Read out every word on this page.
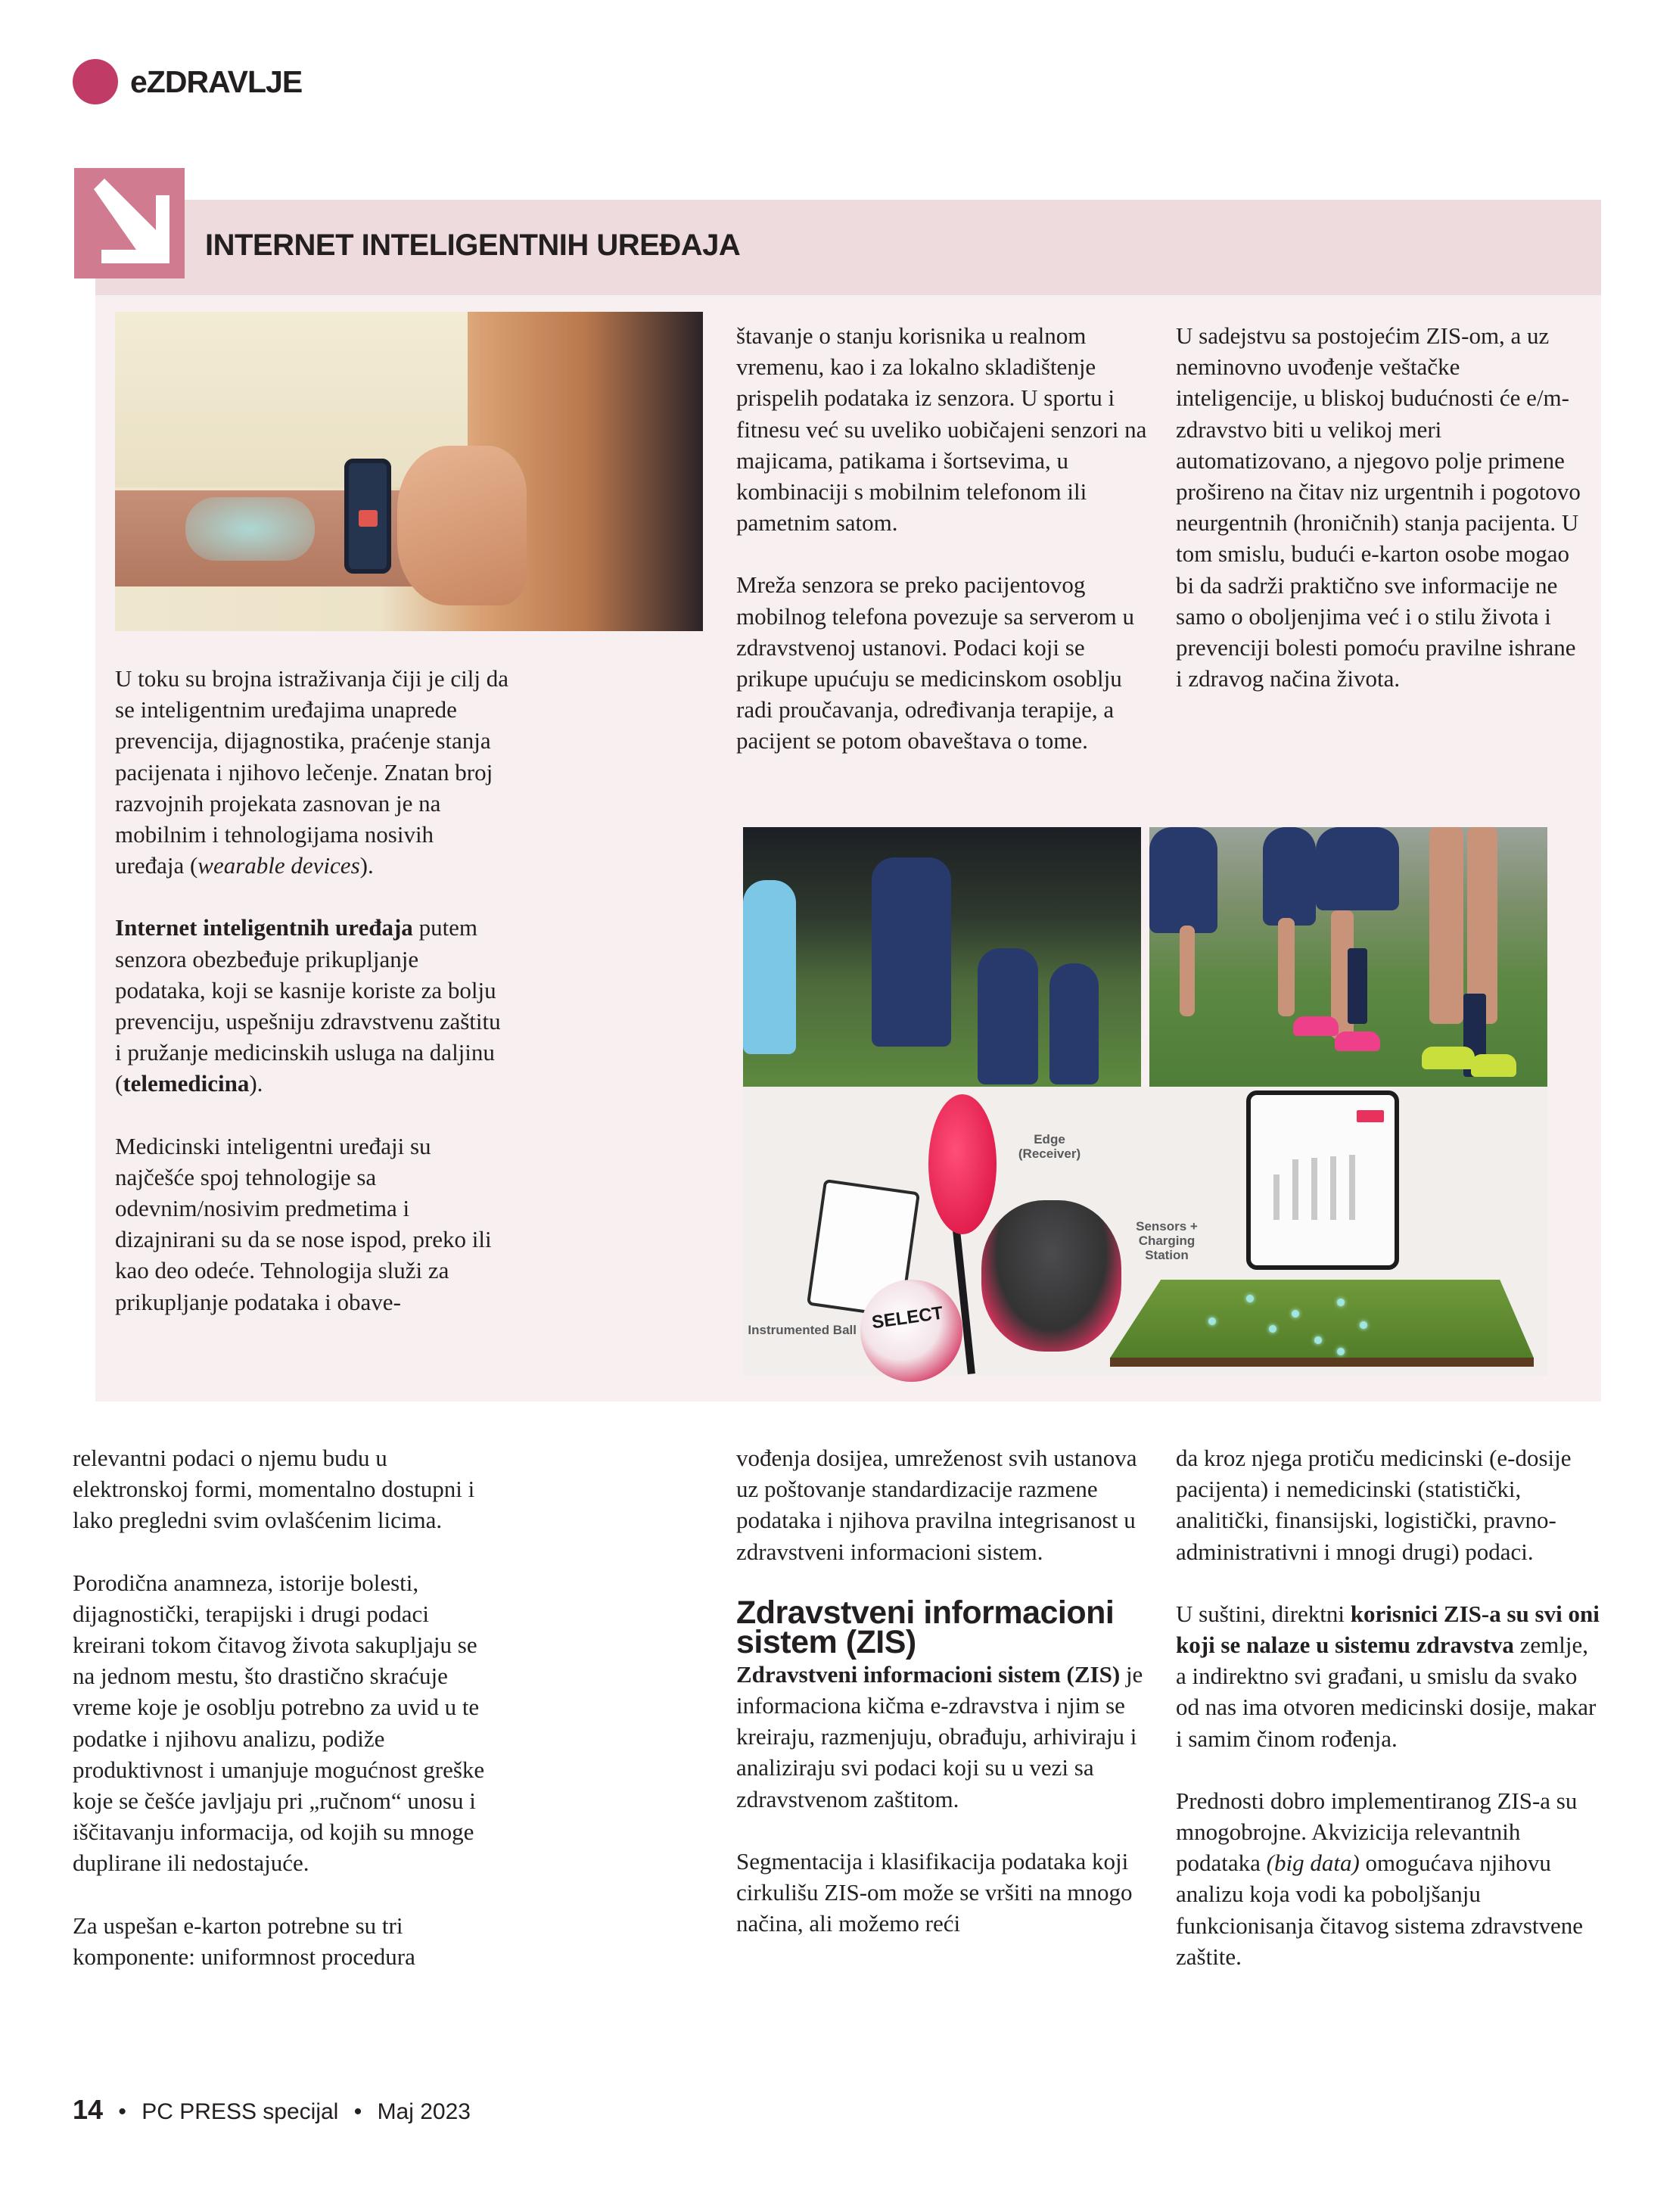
eZDRAVLJE
INTERNET INTELIGENTNIH UREĐAJA

U toku su brojna istraživanja čiji je cilj da se inteligentnim uređajima unaprede prevencija, dijagnostika, praćenje stanja pacijenata i njihovo lečenje. Znatan broj razvojnih projekata zasnovan je na mobilnim i tehnologijama nosivih uređaja (wearable devices).

Internet inteligentnih uređaja putem senzora obezbeđuje prikupljanje podataka, koji se kasnije koriste za bolju prevenciju, uspešniju zdravstvenu zaštitu i pružanje medicinskih usluga na daljinu (telemedicina).

Medicinski inteligentni uređaji su najčešće spoj tehnologije sa odevnim/nosivim predmetima i dizajnirani su da se nose ispod, preko ili kao deo odeće. Tehnologija služi za prikupljanje podataka i obave-

štavanje o stanju korisnika u realnom vremenu, kao i za lokalno skladištenje prispelih podataka iz senzora. U sportu i fitnesu već su uveliko uobičajeni senzori na majicama, patikama i šortsevima, u kombinaciji s mobilnim telefonom ili pametnim satom.

Mreža senzora se preko pacijentovog mobilnog telefona povezuje sa serverom u zdravstvenoj ustanovi. Podaci koji se prikupe upućuju se medicinskom osoblju radi proučavanja, određivanja terapije, a pacijent se potom obaveštava o tome.

U sadejstvu sa postojećim ZIS-om, a uz neminovno uvođenje veštačke inteligencije, u bliskoj budućnosti će e/m-zdravstvo biti u velikoj meri automatizovano, a njegovo polje primene prošireno na čitav niz urgentnih i pogotovo neurgentnih (hroničnih) stanja pacijenta. U tom smislu, budući e-karton osobe mogao bi da sadrži praktično sve informacije ne samo o oboljenjima već i o stilu života i prevenciji bolesti pomoću pravilne ishrane i zdravog načina života.

SELECT
Edge (Receiver)
Sensors + Charging Station
Instrumented Ball

relevantni podaci o njemu budu u elektronskoj formi, momentalno dostupni i lako pregledni svim ovlašćenim licima.

Porodična anamneza, istorije bolesti, dijagnostički, terapijski i drugi podaci kreirani tokom čitavog života sakupljaju se na jednom mestu, što drastično skraćuje vreme koje je osoblju potrebno za uvid u te podatke i njihovu analizu, podiže produktivnost i umanjuje mogućnost greške koje se češće javljaju pri „ručnom“ unosu i iščitavanju informacija, od kojih su mnoge duplirane ili nedostajuće.

Za uspešan e-karton potrebne su tri komponente: uniformnost procedura

vođenja dosijea, umreženost svih ustanova uz poštovanje standardizacije razmene podataka i njihova pravilna integrisanost u zdravstveni informacioni sistem.

Zdravstveni informacioni sistem (ZIS)

Zdravstveni informacioni sistem (ZIS) je informaciona kičma e-zdravstva i njim se kreiraju, razmenjuju, obrađuju, arhiviraju i analiziraju svi podaci koji su u vezi sa zdravstvenom zaštitom.

Segmentacija i klasifikacija podataka koji cirkulišu ZIS-om može se vršiti na mnogo načina, ali možemo reći

da kroz njega protiču medicinski (e-dosije pacijenta) i nemedicinski (statistički, analitički, finansijski, logistički, pravno-administrativni i mnogi drugi) podaci.

U suštini, direktni korisnici ZIS-a su svi oni koji se nalaze u sistemu zdravstva zemlje, a indirektno svi građani, u smislu da svako od nas ima otvoren medicinski dosije, makar i samim činom rođenja.

Prednosti dobro implementiranog ZIS-a su mnogobrojne. Akvizicija relevantnih podataka (big data) omogućava njihovu analizu koja vodi ka poboljšanju funkcionisanja čitavog sistema zdravstvene zaštite.

14 • PC PRESS specijal • Maj 2023
